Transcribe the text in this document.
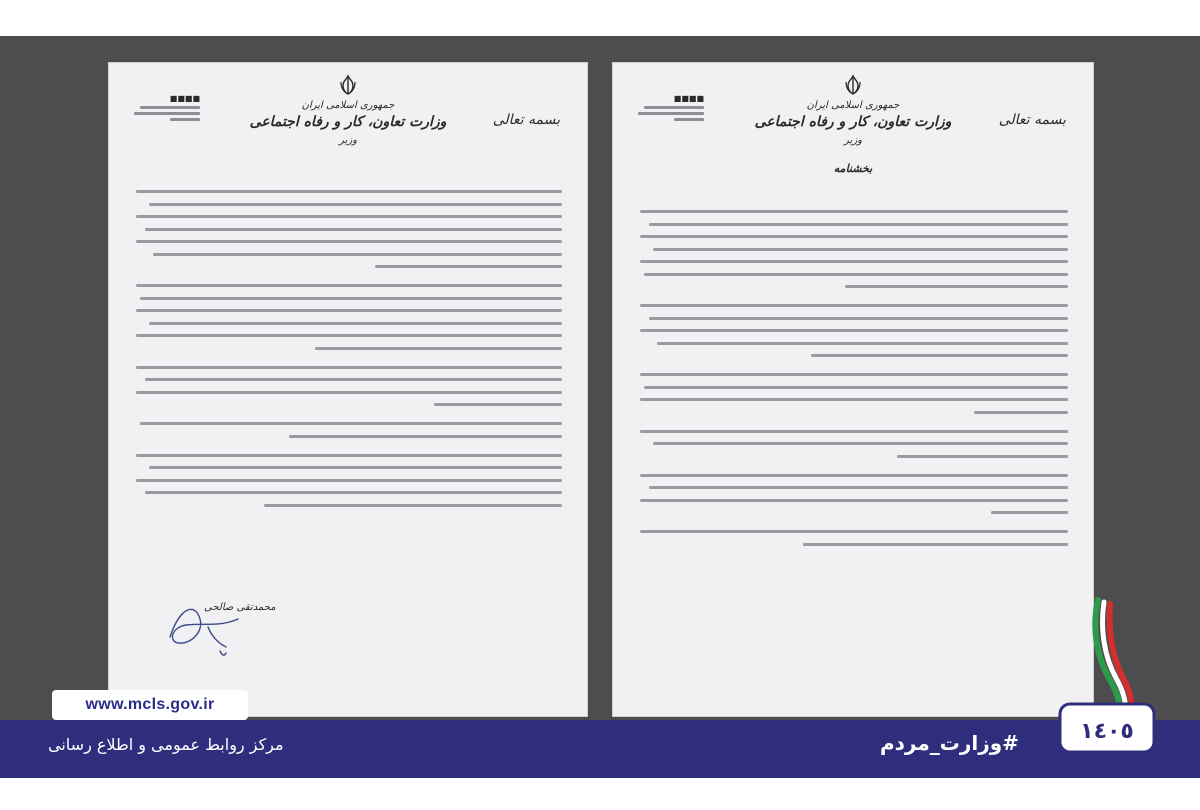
جمهوری اسلامی ایران
وزارت تعاون، کار و رفاه اجتماعی
وزیر
بسمه تعالی
■■■■
محمدتقی صالحی
جمهوری اسلامی ایران
وزارت تعاون، کار و رفاه اجتماعی
وزیر
بسمه تعالی
■■■■
بخشنامه
www.mcls.gov.ir
مرکز روابط عمومی و اطلاع رسانی	#وزارت_مردم	١٤٠٥
